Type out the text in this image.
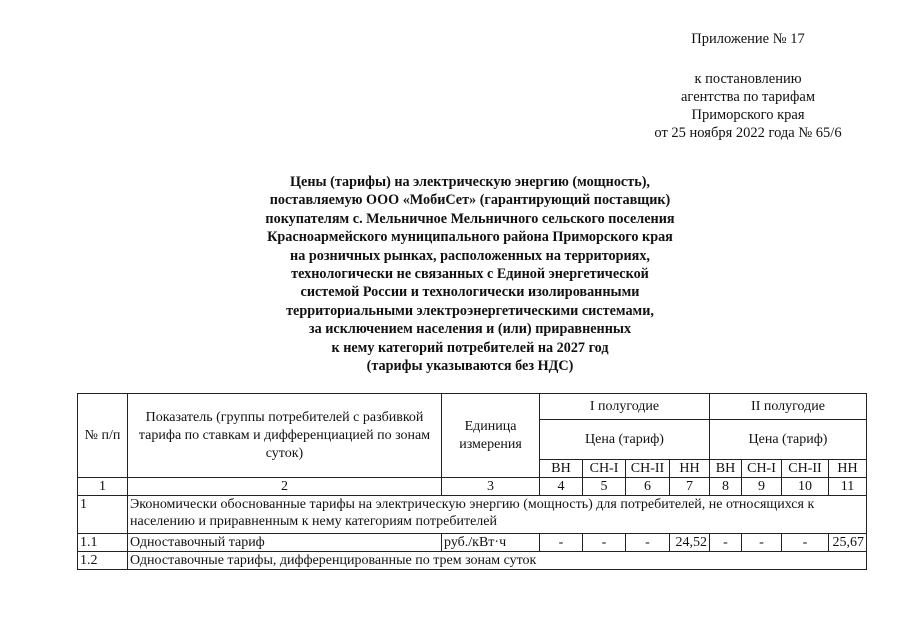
Приложение № 17
к постановлению
агентства по тарифам
Приморского края
от 25 ноября 2022 года № 65/6
Цены (тарифы) на электрическую энергию (мощность),
поставляемую ООО «МобиСет» (гарантирующий поставщик)
покупателям с. Мельничное Мельничного сельского поселения
Красноармейского муниципального района Приморского края
на розничных рынках, расположенных на территориях,
технологически не связанных с Единой энергетической
системой России и технологически изолированными
территориальными электроэнергетическими системами,
за исключением населения и (или) приравненных
к нему категорий потребителей на 2027 год
(тарифы указываются без НДС)
№ п/п	Показатель (группы потребителей с разбивкой тарифа по ставкам и дифференциацией по зонам суток)	Единица измерения	I полугодие				II полугодие			
			Цена (тариф)				Цена (тариф)			
			ВН	СН-I	СН-II	НН	ВН	СН-I	СН-II	НН
1	2	3	4	5	6	7	8	9	10	11
1	Экономически обоснованные тарифы на электрическую энергию (мощность) для потребителей, не относящихся к населению и приравненным к нему категориям потребителей									
1.1	Одноставочный тариф	руб./кВт·ч	-	-	-	24,52	-	-	-	25,67
1.2	Одноставочные тарифы, дифференцированные по трем зонам суток									
